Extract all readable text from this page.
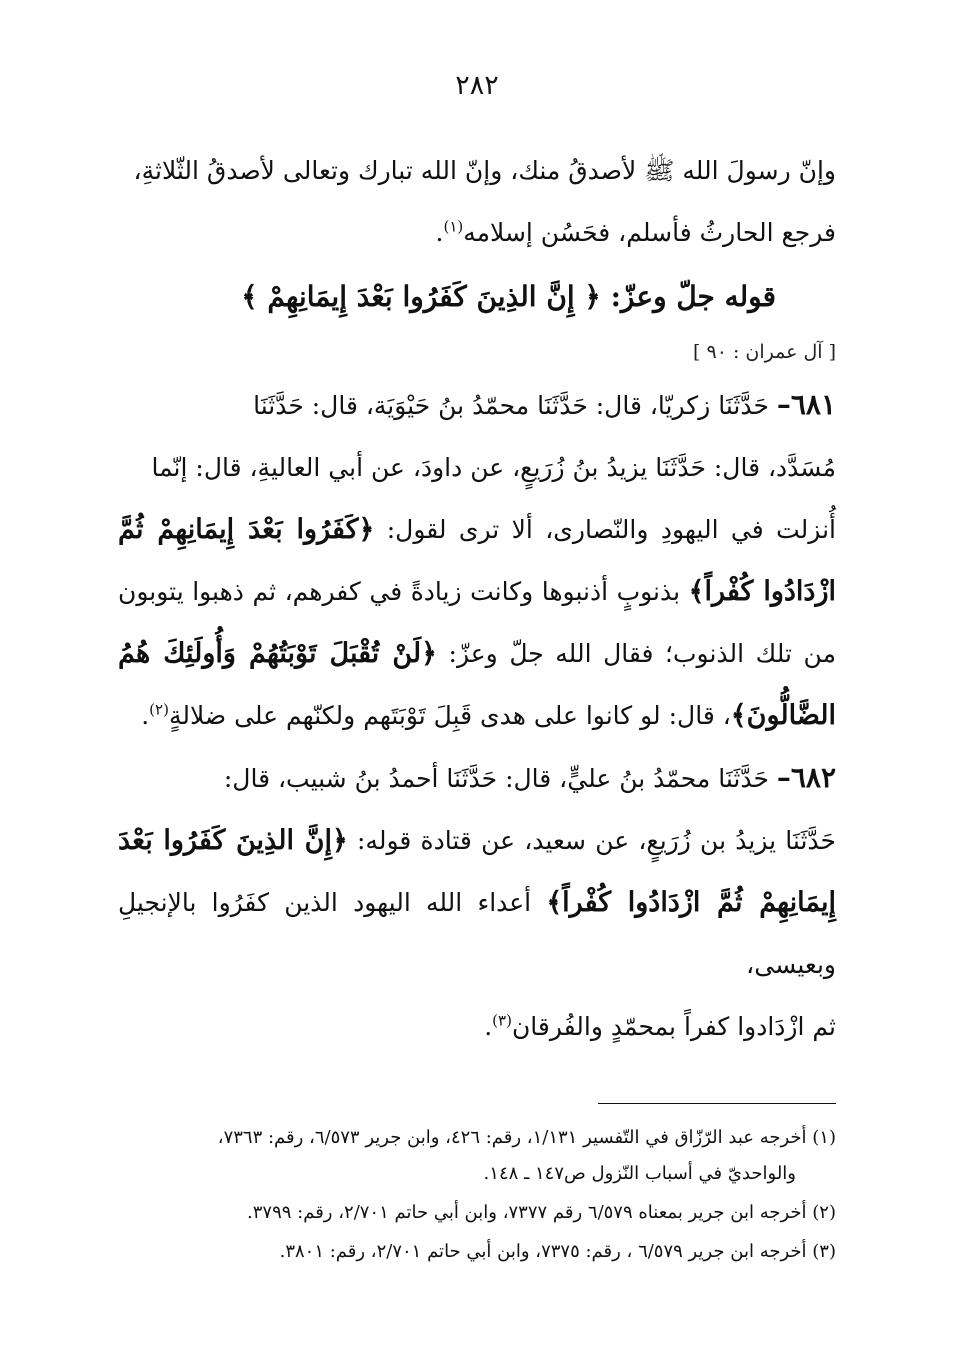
٢٨٢
وإنّ رسولَ الله ﷺ لأصدقُ منك، وإنّ الله تبارك وتعالى لأصدقُ الثّلاثةِ،
فرجع الحارثُ فأسلم، فحَسُن إسلامه$^{(١)}$.
قوله جلّ وعزّ: ﴿ إِنَّ الذِينَ كَفَرُوا بَعْدَ إِيمَانِهِمْ ﴾
[ آل عمران : ٩٠ ]
٦٨١– حَدَّثَنَا زكريّا، قال: حَدَّثَنَا محمّدُ بنُ حَيْوَيَة، قال: حَدَّثَنَا
مُسَدَّد، قال: حَدَّثَنَا يزيدُ بنُ زُرَيعٍ، عن داودَ، عن أبي العاليةِ، قال: إنّما
أُنزلت في اليهودِ والنّصارى، ألا ترى لقول: ﴿كَفَرُوا بَعْدَ إِيمَانِهِمْ ثُمَّ ازْدَادُوا كُفْراً﴾ بذنوبٍ أذنبوها وكانت زيادةً في كفرهم، ثم ذهبوا يتوبون من تلك الذنوب؛ فقال الله جلّ وعزّ: ﴿لَنْ تُقْبَلَ تَوْبَتُهُمْ وَأُولَئِكَ هُمُ الضَّالُّونَ﴾، قال: لو كانوا على هدى قَبِلَ تَوْبَتَهم ولكنّهم على ضلالةٍ$^{(٢)}$.
٦٨٢– حَدَّثَنَا محمّدُ بنُ عليٍّ، قال: حَدَّثَنَا أحمدُ بنُ شبيب، قال:
حَدَّثَنَا يزيدُ بن زُرَيعٍ، عن سعيد، عن قتادة قوله: ﴿إِنَّ الذِينَ كَفَرُوا بَعْدَ إِيمَانِهِمْ ثُمَّ ازْدَادُوا كُفْراً﴾ أعداء الله اليهود الذين كفَرُوا بالإنجيلِ وبعيسى،
ثم ازْدَادوا كفراً بمحمّدٍ والفُرقان$^{(٣)}$.
(١) أخرجه عبد الرّزّاق في التّفسير ١/١٣١، رقم: ٤٢٦، وابن جرير ٦/٥٧٣، رقم: ٧٣٦٣،
والواحديّ في أسباب النّزول ص١٤٧ ـ ١٤٨.
(٢) أخرجه ابن جرير بمعناه ٦/٥٧٩ رقم ٧٣٧٧، وابن أبي حاتم ٢/٧٠١، رقم: ٣٧٩٩.
(٣) أخرجه ابن جرير ٦/٥٧٩ ، رقم: ٧٣٧٥، وابن أبي حاتم ٢/٧٠١، رقم: ٣٨٠١.
